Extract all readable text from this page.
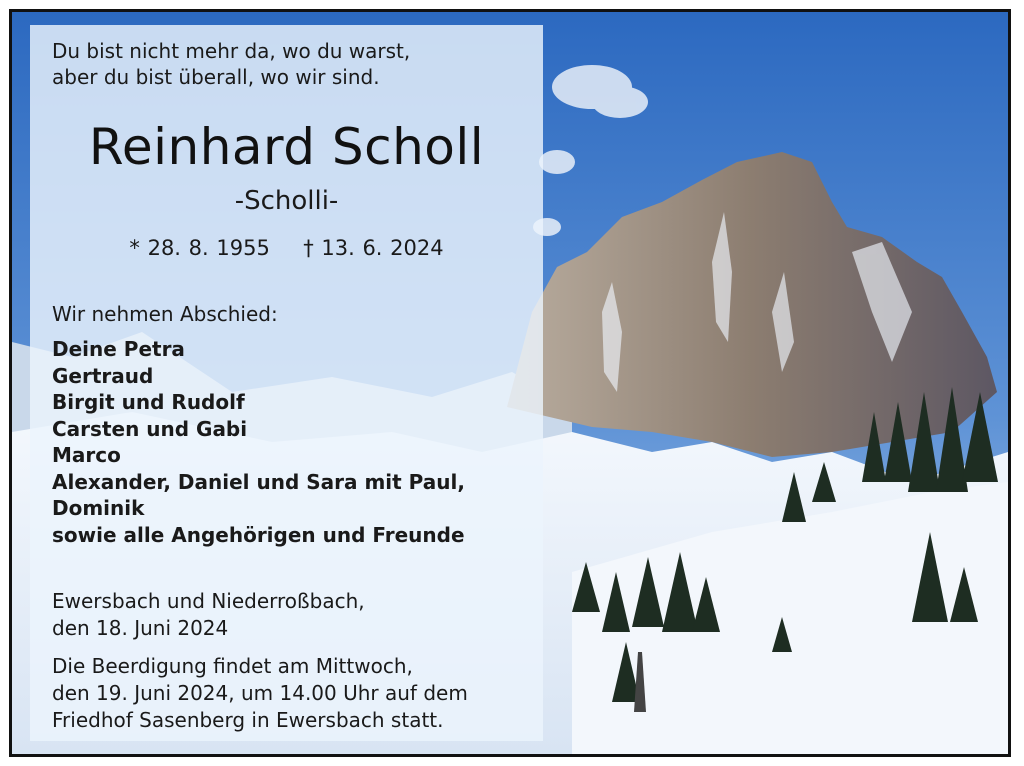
Du bist nicht mehr da, wo du warst,
aber du bist überall, wo wir sind.
Reinhard Scholl
-Scholli-
* 28. 8. 1955 † 13. 6. 2024
Wir nehmen Abschied:
Deine Petra
Gertraud
Birgit und Rudolf
Carsten und Gabi
Marco
Alexander, Daniel und Sara mit Paul,
Dominik
sowie alle Angehörigen und Freunde
Ewersbach und Niederroßbach,
den 18. Juni 2024
Die Beerdigung findet am Mittwoch,
den 19. Juni 2024, um 14.00 Uhr auf dem
Friedhof Sasenberg in Ewersbach statt.
